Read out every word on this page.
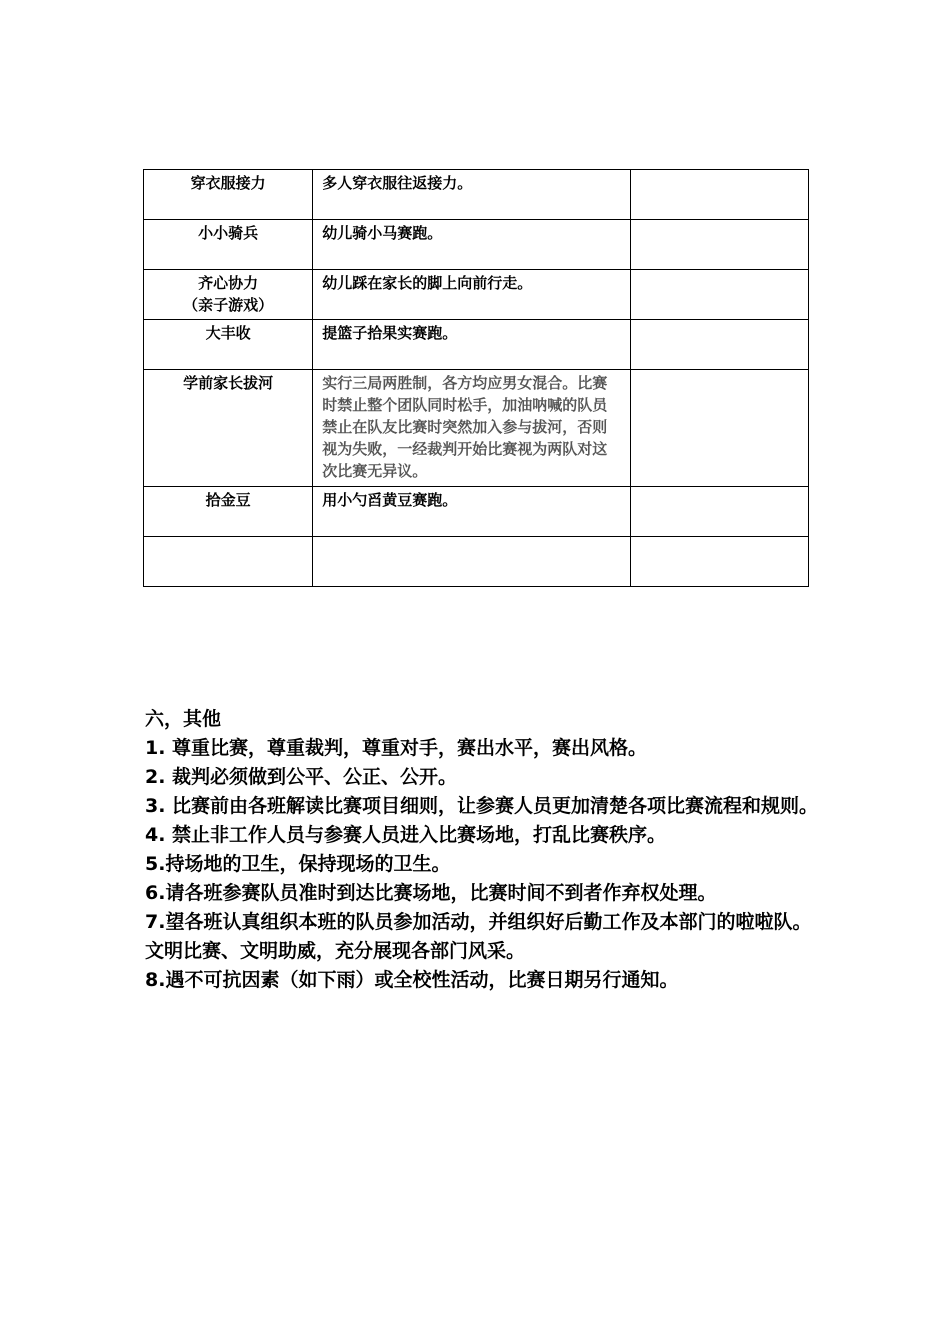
穿衣服接力	多人穿衣服往返接力。	
小小骑兵	幼儿骑小马赛跑。	

齐心协力
（亲子游戏）	幼儿踩在家长的脚上向前行走。	
大丰收	提篮子拾果实赛跑。	
学前家长拔河	实行三局两胜制，各方均应男女混合。比赛时禁止整个团队同时松手，加油呐喊的队员禁止在队友比赛时突然加入参与拔河，否则视为失败，一经裁判开始比赛视为两队对这次比赛无异议。	
拾金豆	用小勺舀黄豆赛跑。	

六，其他

1. 尊重比赛，尊重裁判，尊重对手，赛出水平，赛出风格。
2. 裁判必须做到公平、公正、公开。
3. 比赛前由各班解读比赛项目细则，让参赛人员更加清楚各项比赛流程和规则。
4. 禁止非工作人员与参赛人员进入比赛场地，打乱比赛秩序。
5.持场地的卫生，保持现场的卫生。
6.请各班参赛队员准时到达比赛场地，比赛时间不到者作弃权处理。
7.望各班认真组织本班的队员参加活动，并组织好后勤工作及本部门的啦啦队。文明比赛、文明助威，充分展现各部门风采。
8.遇不可抗因素（如下雨）或全校性活动，比赛日期另行通知。
